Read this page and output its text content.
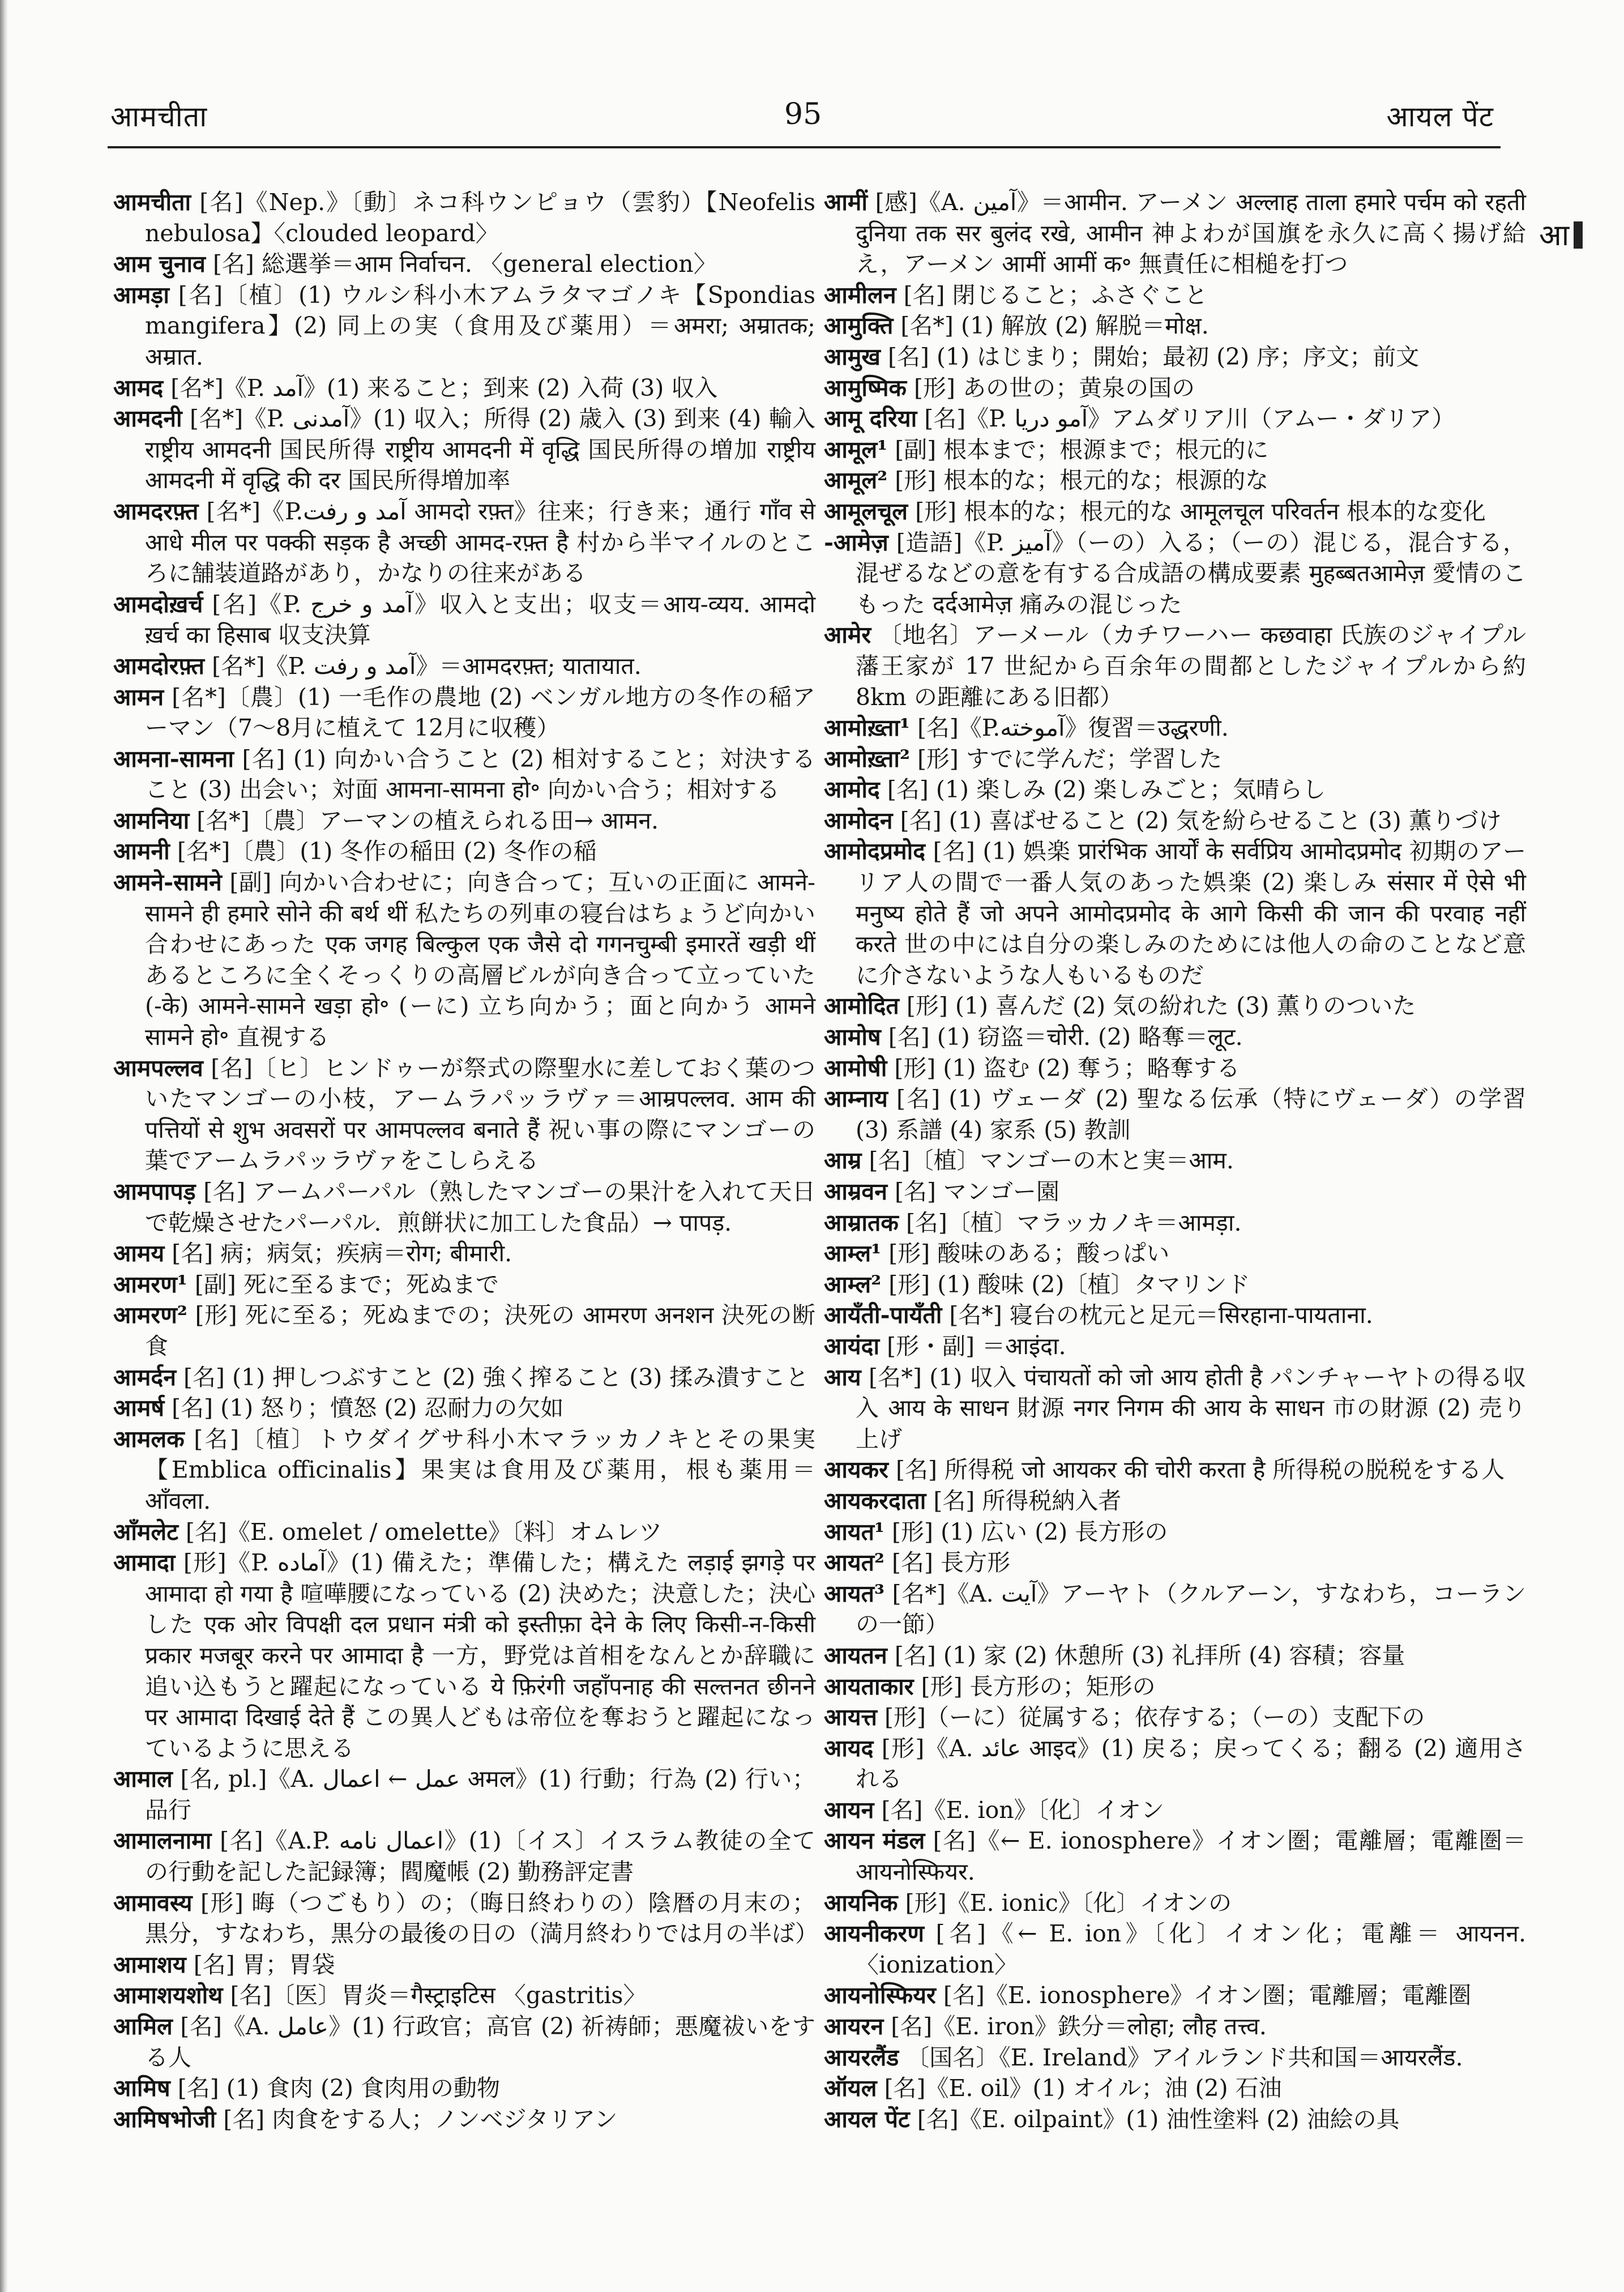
आमचीता	95	आयल पेंट
आ
आमचीता [名]《Nep.》〔動〕ネコ科ウンピョウ（雲豹）【Neofelis nebulosa】〈clouded leopard〉
आम चुनाव [名] 総選挙＝आम निर्वाचन. 〈general election〉
आमड़ा [名]〔植〕(1) ウルシ科小木アムラタマゴノキ【Spondias mangifera】(2) 同上の実（食用及び薬用）＝अमरा; अम्रातक; अम्रात.
आमद [名*]《P. آمد》(1) 来ること；到来 (2) 入荷 (3) 収入
आमदनी [名*]《P. آمدنی》(1) 収入；所得 (2) 歳入 (3) 到来 (4) 輸入 राष्ट्रीय आमदनी 国民所得 राष्ट्रीय आमदनी में वृद्धि 国民所得の増加 राष्ट्रीय आमदनी में वृद्धि की दर 国民所得増加率
आमदरफ़्त [名*]《P.آمد و رفت आमदो रफ़्त》往来；行き来；通行 गाँव से आधे मील पर पक्की सड़क है अच्छी आमद-रफ़्त है 村から半マイルのところに舗装道路があり，かなりの往来がある
आमदोख़र्च [名]《P. آمد و خرج》収入と支出；収支＝आय-व्यय. आमदो ख़र्च का हिसाब 収支決算
आमदोरफ़्त [名*]《P. آمد و رفت》＝आमदरफ़्त; यातायात.
आमन [名*]〔農〕(1) 一毛作の農地 (2) ベンガル地方の冬作の稲アーマン（7〜8月に植えて 12月に収穫）
आमना-सामना [名] (1) 向かい合うこと (2) 相対すること；対決すること (3) 出会い；対面 आमना-सामना हो॰ 向かい合う；相対する
आमनिया [名*]〔農〕アーマンの植えられる田→ आमन.
आमनी [名*]〔農〕(1) 冬作の稲田 (2) 冬作の稲
आमने-सामने [副] 向かい合わせに；向き合って；互いの正面に आमने-सामने ही हमारे सोने की बर्थ थीं 私たちの列車の寝台はちょうど向かい合わせにあった एक जगह बिल्कुल एक जैसे दो गगनचुम्बी इमारतें खड़ी थीं あるところに全くそっくりの高層ビルが向き合って立っていた (-के) आमने-सामने खड़ा हो॰ (ーに) 立ち向かう；面と向かう आमने सामने हो॰ 直視する
आमपल्लव [名]〔ヒ〕ヒンドゥーが祭式の際聖水に差しておく葉のついたマンゴーの小枝，アームラパッラヴァ＝आम्रपल्लव. आम की पत्तियों से शुभ अवसरों पर आमपल्लव बनाते हैं 祝い事の際にマンゴーの葉でアームラパッラヴァをこしらえる
आमपापड़ [名] アームパーパル（熟したマンゴーの果汁を入れて天日で乾燥させたパーパル．煎餅状に加工した食品）→ पापड़.
आमय [名] 病；病気；疾病＝रोग; बीमारी.
आमरण¹ [副] 死に至るまで；死ぬまで
आमरण² [形] 死に至る；死ぬまでの；決死の आमरण अनशन 決死の断食
आमर्दन [名] (1) 押しつぶすこと (2) 強く搾ること (3) 揉み潰すこと
आमर्ष [名] (1) 怒り；憤怒 (2) 忍耐力の欠如
आमलक [名]〔植〕トウダイグサ科小木マラッカノキとその果実【Emblica officinalis】果実は食用及び薬用，根も薬用＝आँवला.
आँमलेट [名]《E. omelet / omelette》〔料〕オムレツ
आमादा [形]《P. آماده》(1) 備えた；準備した；構えた लड़ाई झगड़े पर आमादा हो गया है 喧嘩腰になっている (2) 決めた；決意した；決心した एक ओर विपक्षी दल प्रधान मंत्री को इस्तीफ़ा देने के लिए किसी-न-किसी प्रकार मजबूर करने पर आमादा है 一方，野党は首相をなんとか辞職に追い込もうと躍起になっている ये फ़िरंगी जहाँपनाह की सल्तनत छीनने पर आमादा दिखाई देते हैं この異人どもは帝位を奪おうと躍起になっているように思える
आमाल [名, pl.]《A. عمل ← اعمال अमल》(1) 行動；行為 (2) 行い；品行
आमालनामा [名]《A.P. اعمال نامه》(1)〔イス〕イスラム教徒の全ての行動を記した記録簿；閻魔帳 (2) 勤務評定書
आमावस्य [形] 晦（つごもり）の；（晦日終わりの）陰暦の月末の；黒分，すなわち，黒分の最後の日の（満月終わりでは月の半ば）
आमाशय [名] 胃；胃袋
आमाशयशोथ [名]〔医〕胃炎＝गैस्ट्राइटिस 〈gastritis〉
आमिल [名]《A. عامل》(1) 行政官；高官 (2) 祈祷師；悪魔祓いをする人
आमिष [名] (1) 食肉 (2) 食肉用の動物
आमिषभोजी [名] 肉食をする人；ノンベジタリアン
आमीं [感]《A. آمین》＝आमीन. アーメン अल्लाह ताला हमारे पर्चम को रहती दुनिया तक सर बुलंद रखे, आमीन 神よわが国旗を永久に高く揚げ給え，アーメン आमीं आमीं क॰ 無責任に相槌を打つ
आमीलन [名] 閉じること；ふさぐこと
आमुक्ति [名*] (1) 解放 (2) 解脱＝मोक्ष.
आमुख [名] (1) はじまり；開始；最初 (2) 序；序文；前文
आमुष्मिक [形] あの世の；黄泉の国の
आमू दरिया [名]《P. آمو دریا》アムダリア川（アムー・ダリア）
आमूल¹ [副] 根本まで；根源まで；根元的に
आमूल² [形] 根本的な；根元的な；根源的な
आमूलचूल [形] 根本的な；根元的な आमूलचूल परिवर्तन 根本的な変化
-आमेज़ [造語]《P. آمیز》（ーの）入る；（ーの）混じる，混合する，混ぜるなどの意を有する合成語の構成要素 मुहब्बतआमेज़ 愛情のこもった दर्दआमेज़ 痛みの混じった
आमेर 〔地名〕アーメール（カチワーハー कछवाहा 氏族のジャイプル藩王家が 17 世紀から百余年の間都としたジャイプルから約8km の距離にある旧都）
आमोख़्ता¹ [名]《P.آموخته》復習＝उद्धरणी.
आमोख़्ता² [形] すでに学んだ；学習した
आमोद [名] (1) 楽しみ (2) 楽しみごと；気晴らし
आमोदन [名] (1) 喜ばせること (2) 気を紛らせること (3) 薫りづけ
आमोदप्रमोद [名] (1) 娯楽 प्रारंभिक आर्यों के सर्वप्रिय आमोदप्रमोद 初期のアーリア人の間で一番人気のあった娯楽 (2) 楽しみ संसार में ऐसे भी मनुष्य होते हैं जो अपने आमोदप्रमोद के आगे किसी की जान की परवाह नहीं करते 世の中には自分の楽しみのためには他人の命のことなど意に介さないような人もいるものだ
आमोदित [形] (1) 喜んだ (2) 気の紛れた (3) 薫りのついた
आमोष [名] (1) 窃盗＝चोरी. (2) 略奪＝लूट.
आमोषी [形] (1) 盗む (2) 奪う；略奪する
आम्नाय [名] (1) ヴェーダ (2) 聖なる伝承（特にヴェーダ）の学習 (3) 系譜 (4) 家系 (5) 教訓
आम्र [名]〔植〕マンゴーの木と実＝आम.
आम्रवन [名] マンゴー園
आम्रातक [名]〔植〕マラッカノキ＝आमड़ा.
आम्ल¹ [形] 酸味のある；酸っぱい
आम्ल² [形] (1) 酸味 (2)〔植〕タマリンド
आयँती-पायँती [名*] 寝台の枕元と足元＝सिरहाना-पायताना.
आयंदा [形・副] ＝आइंदा.
आय [名*] (1) 収入 पंचायतों को जो आय होती है パンチャーヤトの得る収入 आय के साधन 財源 नगर निगम की आय के साधन 市の財源 (2) 売り上げ
आयकर [名] 所得税 जो आयकर की चोरी करता है 所得税の脱税をする人
आयकरदाता [名] 所得税納入者
आयत¹ [形] (1) 広い (2) 長方形の
आयत² [名] 長方形
आयत³ [名*]《A. آیت》アーヤト（クルアーン，すなわち，コーランの一節）
आयतन [名] (1) 家 (2) 休憩所 (3) 礼拝所 (4) 容積；容量
आयताकार [形] 長方形の；矩形の
आयत्त [形]（ーに）従属する；依存する；（ーの）支配下の
आयद [形]《A. عائد आइद》(1) 戻る；戻ってくる；翻る (2) 適用される
आयन [名]《E. ion》〔化〕イオン
आयन मंडल [名]《← E. ionosphere》イオン圏；電離層；電離圏＝आयनोस्फियर.
आयनिक [形]《E. ionic》〔化〕イオンの
आयनीकरण [名]《← E. ion》〔化〕イオン化；電離＝ आयनन. 〈ionization〉
आयनोस्फियर [名]《E. ionosphere》イオン圏；電離層；電離圏
आयरन [名]《E. iron》鉄分＝लोहा; लौह तत्त्व.
आयरलैंड 〔国名〕《E. Ireland》アイルランド共和国＝आयरलैंड.
ऑयल [名]《E. oil》(1) オイル；油 (2) 石油
आयल पेंट [名]《E. oilpaint》(1) 油性塗料 (2) 油絵の具
